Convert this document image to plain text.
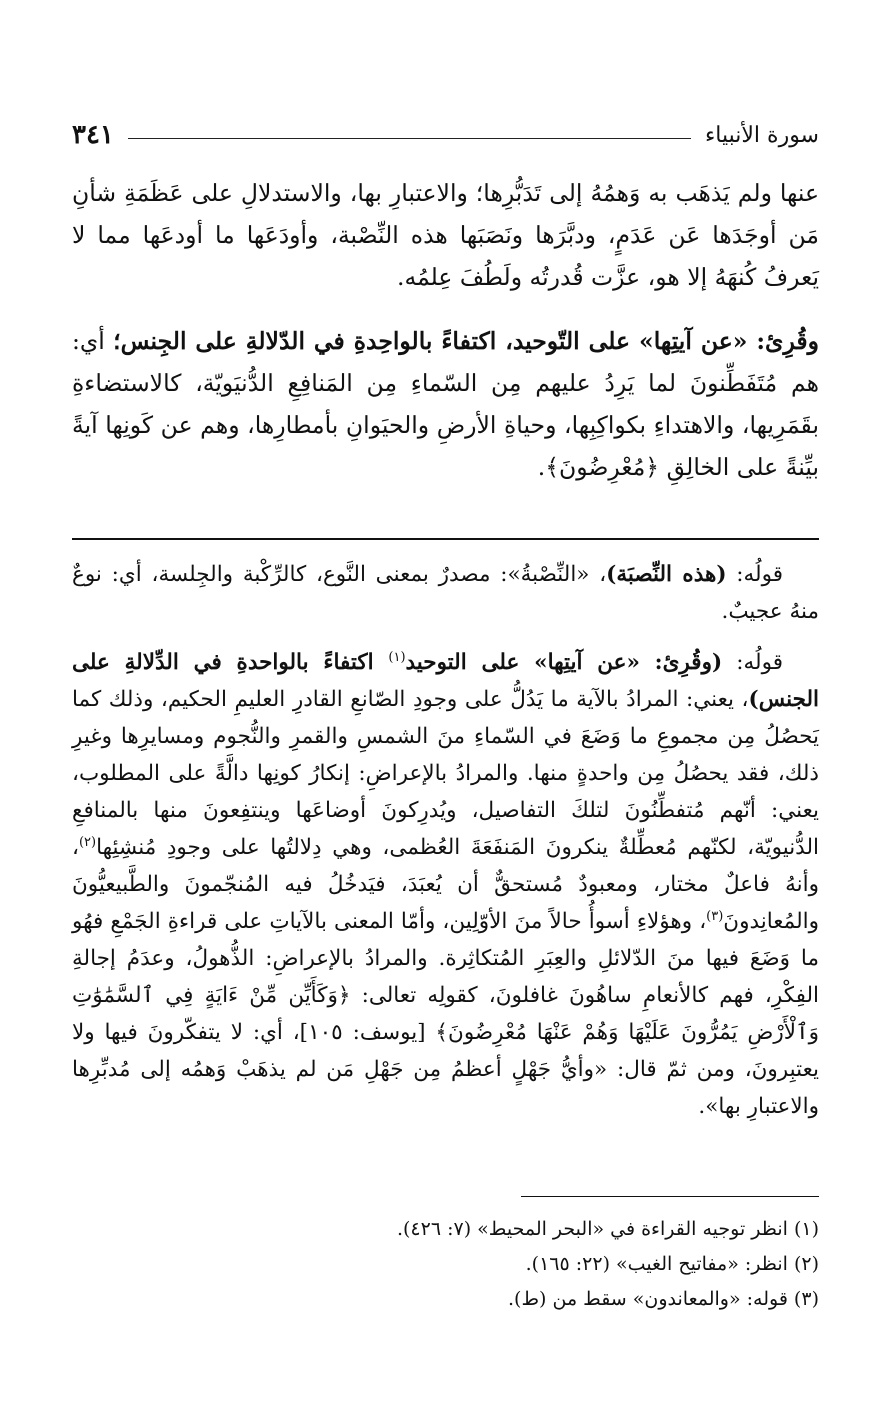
سورة الأنبياء
٣٤١

عنها ولم يَذهَب به وَهمُهُ إلى تَدَبُّرِها؛ والاعتبارِ بها، والاستدلالِ على عَظَمَةِ شأنِ مَن أوجَدَها عَن عَدَمٍ، ودبَّرَها ونَصَبَها هذه النِّصْبة، وأودَعَها ما أودعَها مما لا يَعرفُ كُنهَهُ إلا هو، عزَّت قُدرتُه ولَطُفَ عِلمُه.

وقُرِئ: «عن آيتِها» على التّوحيد، اكتفاءً بالواحِدةِ في الدّلالةِ على الجِنس؛ أي: هم مُتَفَطِّنونَ لما يَرِدُ عليهم مِن السّماءِ مِن المَنافِعِ الدُّنيَويّة، كالاستضاءةِ بقَمَرِيها، والاهتداءِ بكواكِبِها، وحياةِ الأرضِ والحيَوانِ بأمطارِها، وهم عن كَونِها آيةً بيِّنةً على الخالِقِ ﴿مُعْرِضُونَ﴾.

قولُه: (هذه النِّصبَة)، «النِّصْبةُ»: مصدرٌ بمعنى النَّوع، كالرِّكْبة والجِلسة، أي: نوعٌ منهُ عجيبٌ.

قولُه: (وقُرِئ: «عن آيتِها» على التوحيد$^{(١)}$ اكتفاءً بالواحدةِ في الدِّلالةِ على الجنس)، يعني: المرادُ بالآية ما يَدُلُّ على وجودِ الصّانعِ القادرِ العليمِ الحكيم، وذلك كما يَحصُلُ مِن مجموعِ ما وَضَعَ في السّماءِ منَ الشمسِ والقمرِ والنُّجوم ومسايرِها وغيرِ ذلك، فقد يحصُلُ مِن واحدةٍ منها. والمرادُ بالإعراضِ: إنكارُ كونِها دالَّةً على المطلوب، يعني: أنّهم مُتفطِّنُونَ لتلكَ التفاصيل، ويُدرِكونَ أوضاعَها وينتفِعونَ منها بالمنافعِ الدُّنيويّة، لكنّهم مُعطِّلةٌ ينكرونَ المَنفَعَةَ العُظمى، وهي دِلالتُها على وجودِ مُنشِئِها$^{(٢)}$، وأنهُ فاعلٌ مختار، ومعبودٌ مُستحقٌّ أن يُعبَدَ، فيَدخُلُ فيه المُنجّمونَ والطَّبيعيُّونَ والمُعانِدونَ$^{(٣)}$، وهؤلاءِ أسوأُ حالاً منَ الأوّلِين، وأمّا المعنى بالآياتِ على قراءةِ الجَمْعِ فهُو ما وَضَعَ فيها منَ الدّلائلِ والعِبَرِ المُتكاثِرة. والمرادُ بالإعراضِ: الذُّهولُ، وعدَمُ إجالةِ الفِكْرِ، فهم كالأنعامِ ساهُونَ غافلونَ، كقولِه تعالى: ﴿وَكَأَيِّن مِّنْ ءَايَةٍ فِي ٱلسَّمَٰوَٰتِ وَٱلْأَرْضِ يَمُرُّونَ عَلَيْهَا وَهُمْ عَنْهَا مُعْرِضُونَ﴾ [يوسف: ١٠٥]، أي: لا يتفكّرونَ فيها ولا يعتبِرونَ، ومن ثمّ قال: «وأيُّ جَهْلٍ أعظمُ مِن جَهْلِ مَن لم يذهَبْ وَهمُه إلى مُدبِّرِها والاعتبارِ بها».

(١) انظر توجيه القراءة في «البحر المحيط» (٧: ٤٢٦).

(٢) انظر: «مفاتيح الغيب» (٢٢: ١٦٥).

(٣) قوله: «والمعاندون» سقط من (ط).
